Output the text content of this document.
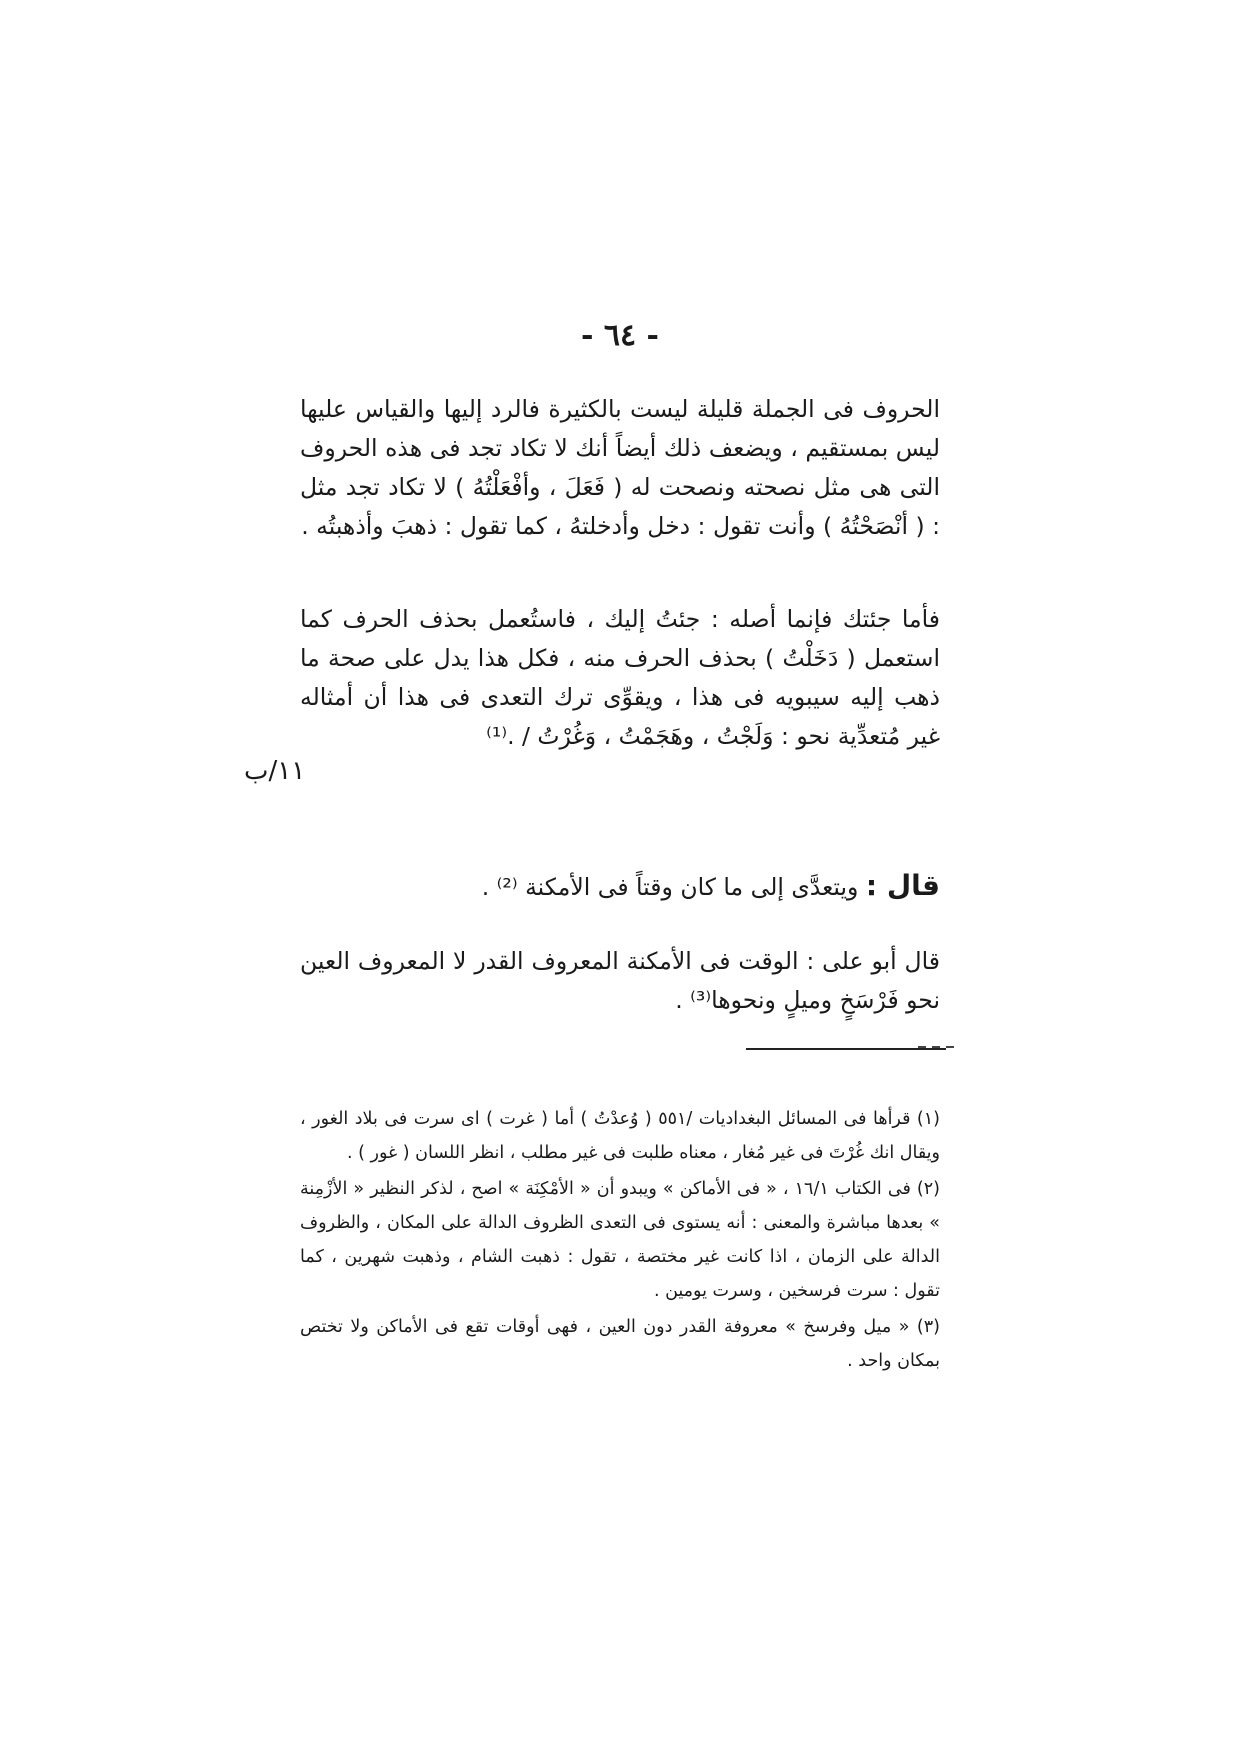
- ٦٤ -
الحروف فى الجملة قليلة ليست بالكثيرة فالرد إليها والقياس عليها ليس بمستقيم ، ويضعف ذلك أيضاً أنك لا تكاد تجد فى هذه الحروف التى هى مثل نصحته ونصحت له ( فَعَلَ ، وأفْعَلْتُهُ ) لا تكاد تجد مثل : ( أنْصَحْتُهُ ) وأنت تقول : دخل وأدخلتهُ ، كما تقول : ذهبَ وأذهبتُه .
فأما جئتك فإنما أصله : جئتُ إليك ، فاستُعمل بحذف الحرف كما استعمل ( دَخَلْتُ ) بحذف الحرف منه ، فكل هذا يدل على صحة ما ذهب إليه سيبويه فى هذا ، ويقوِّى ترك التعدى فى هذا أن أمثاله غير مُتعدِّية نحو : وَلَجْتُ ، وهَجَمْتُ ، وَغُرْتُ / .⁽¹⁾
١١/ب
قال : ويتعدَّى إلى ما كان وقتاً فى الأمكنة ⁽²⁾ .
قال أبو على : الوقت فى الأمكنة المعروف القدر لا المعروف العين نحو فَرْسَخٍ وميلٍ ونحوها⁽³⁾ .

(١) قرأها فى المسائل البغداديات /٥٥١ ( وُعدْتُ ) أما ( غرت ) اى سرت فى بلاد الغور ، ويقال انك غُرْتَ فى غير مُغار ، معناه طلبت فى غير مطلب ، انظر اللسان ( غور ) .

(٢) فى الكتاب ١٦/١ ، « فى الأماكن » ويبدو أن « الأمْكِنَة » اصح ، لذكر النظير « الأزْمِنة » بعدها مباشرة والمعنى : أنه يستوى فى التعدى الظروف الدالة على المكان ، والظروف الدالة على الزمان ، اذا كانت غير مختصة ، تقول : ذهبت الشام ، وذهبت شهرين ، كما تقول : سرت فرسخين ، وسرت يومين .

(٣) « ميل وفرسخ » معروفة القدر دون العين ، فهى أوقات تقع فى الأماكن ولا تختص بمكان واحد .
